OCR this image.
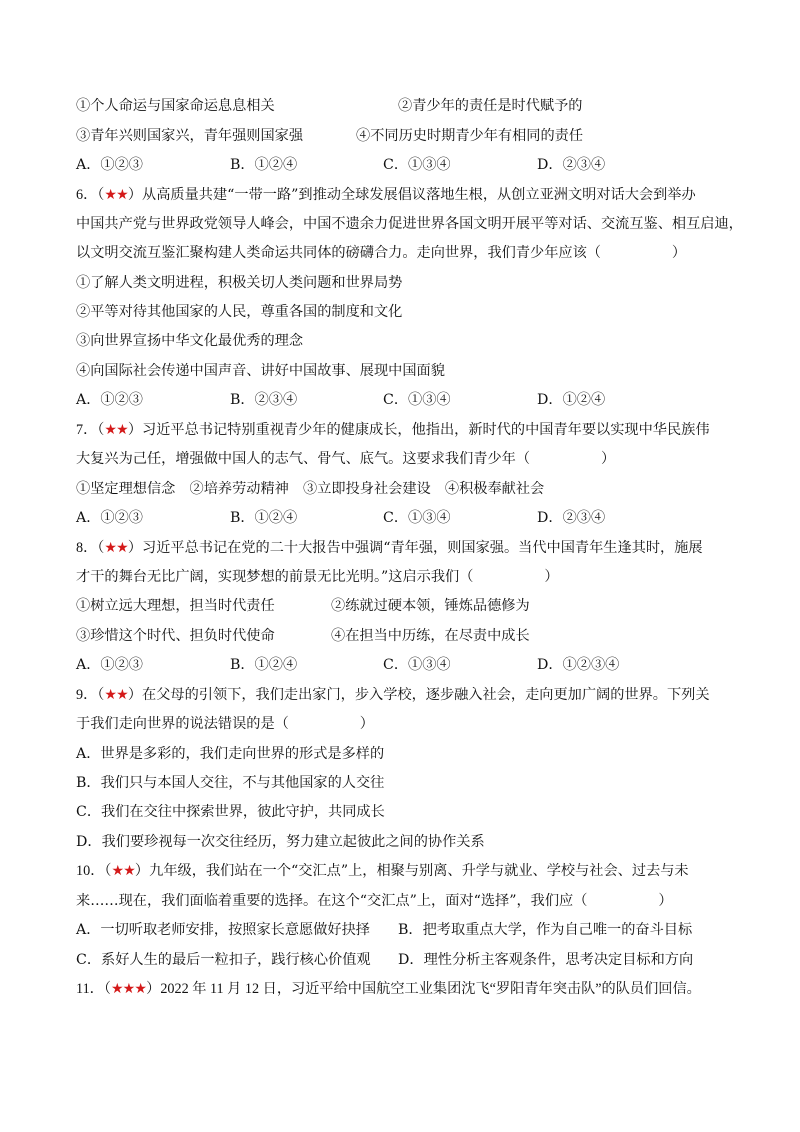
①个人命运与国家命运息息相关	②青少年的责任是时代赋予的
③青年兴则国家兴，青年强则国家强	④不同历史时期青少年有相同的责任
A．①②③	B．①②④	C．①③④	D．②③④
6．（★★）从高质量共建“一带一路”到推动全球发展倡议落地生根，从创立亚洲文明对话大会到举办
中国共产党与世界政党领导人峰会，中国不遗余力促进世界各国文明开展平等对话、交流互鉴、相互启迪，
以文明交流互鉴汇聚构建人类命运共同体的磅礴合力。走向世界，我们青少年应该（　　　　　）
①了解人类文明进程，积极关切人类问题和世界局势
②平等对待其他国家的人民，尊重各国的制度和文化
③向世界宣扬中华文化最优秀的理念
④向国际社会传递中国声音、讲好中国故事、展现中国面貌
A．①②③	B．②③④	C．①③④	D．①②④
7．（★★）习近平总书记特别重视青少年的健康成长，他指出，新时代的中国青年要以实现中华民族伟
大复兴为己任，增强做中国人的志气、骨气、底气。这要求我们青少年（　　　　　）
①坚定理想信念　②培养劳动精神　③立即投身社会建设　④积极奉献社会
A．①②③	B．①②④	C．①③④	D．②③④
8．（★★）习近平总书记在党的二十大报告中强调“青年强，则国家强。当代中国青年生逢其时，施展
才干的舞台无比广阔，实现梦想的前景无比光明。”这启示我们（　　　　　）
①树立远大理想，担当时代责任	②练就过硬本领，锤炼品德修为
③珍惜这个时代、担负时代使命	④在担当中历练，在尽责中成长
A．①②③	B．①②④	C．①③④	D．①②③④
9．（★★）在父母的引领下，我们走出家门，步入学校，逐步融入社会，走向更加广阔的世界。下列关
于我们走向世界的说法错误的是（　　　　　）
A．世界是多彩的，我们走向世界的形式是多样的
B．我们只与本国人交往，不与其他国家的人交往
C．我们在交往中探索世界，彼此守护，共同成长
D．我们要珍视每一次交往经历，努力建立起彼此之间的协作关系
10．（★★）九年级，我们站在一个“交汇点”上，相聚与别离、升学与就业、学校与社会、过去与未
来……现在，我们面临着重要的选择。在这个“交汇点”上，面对“选择”，我们应（　　　　　）
A．一切听取老师安排，按照家长意愿做好抉择 B．把考取重点大学，作为自己唯一的奋斗目标
C．系好人生的最后一粒扣子，践行核心价值观 D．理性分析主客观条件，思考决定目标和方向
11．（★★★）2022 年 11 月 12 日，习近平给中国航空工业集团沈飞“罗阳青年突击队”的队员们回信。
